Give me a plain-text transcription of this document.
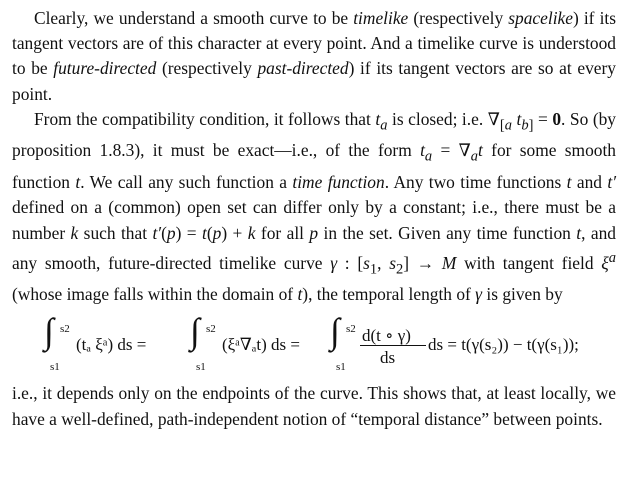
Clearly, we understand a smooth curve to be timelike (respectively spacelike) if its tangent vectors are of this character at every point. And a timelike curve is understood to be future-directed (respectively past-directed) if its tangent vectors are so at every point.

From the compatibility condition, it follows that $t_a$ is closed; i.e. $\nabla_{[a}$ $t_{b]} = 0$. So (by proposition 1.8.3), it must be exact—i.e., of the form $t_a = \nabla_at$ for some smooth function t. We call any such function a time function. Any two time functions t and t′ defined on a (common) open set can differ only by a constant; i.e., there must be a number k such that t′(p) = t(p) + k for all p in the set. Given any time function t, and any smooth, future-directed timelike curve γ : [$s_1$, $s_2] \to M$ with tangent field $\xi^a$ (whose image falls within the domain of t), the temporal length of γ is given by

∫ s2
s1
(tₐ ξᵃ) ds = ∫ s2
s1
(ξᵃ∇ₐt) ds = ∫ s2
s1
d(t ∘ γ)
ds
ds = t(γ(s₂)) − t(γ(s₁));

i.e., it depends only on the endpoints of the curve. This shows that, at least locally, we have a well-defined, path-independent notion of “temporal distance” between points.
